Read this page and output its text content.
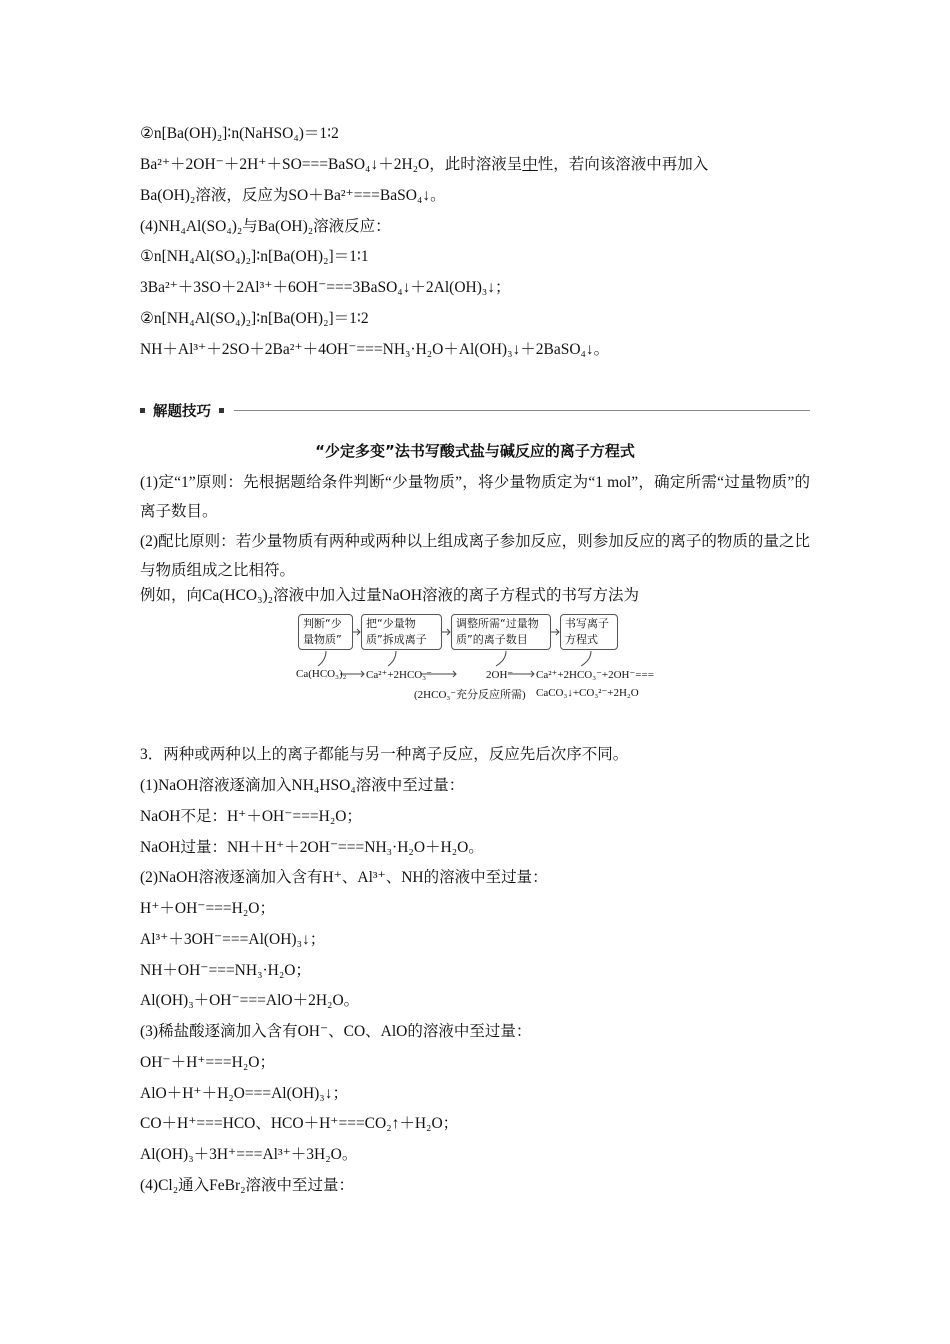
②n[Ba(OH)₂]∶n(NaHSO₄)＝1∶2
Ba²⁺＋2OH⁻＋2H⁺＋SO===BaSO₄↓＋2H₂O，此时溶液呈中性，若向该溶液中再加入
Ba(OH)₂溶液，反应为SO＋Ba²⁺===BaSO₄↓。
(4)NH₄Al(SO₄)₂与Ba(OH)₂溶液反应：
①n[NH₄Al(SO₄)₂]∶n[Ba(OH)₂]＝1∶1
3Ba²⁺＋3SO＋2Al³⁺＋6OH⁻===3BaSO₄↓＋2Al(OH)₃↓；
②n[NH₄Al(SO₄)₂]∶n[Ba(OH)₂]＝1∶2
NH＋Al³⁺＋2SO＋2Ba²⁺＋4OH⁻===NH₃·H₂O＋Al(OH)₃↓＋2BaSO₄↓。
解题技巧
“少定多变”法书写酸式盐与碱反应的离子方程式
(1)定“1”原则：先根据题给条件判断“少量物质”，将少量物质定为“1 mol”，确定所需“过量物质”的离子数目。
(2)配比原则：若少量物质有两种或两种以上组成离子参加反应，则参加反应的离子的物质的量之比与物质组成之比相符。
例如，向Ca(HCO₃)₂溶液中加入过量NaOH溶液的离子方程式的书写方法为
判断“少量物质”
把“少量物质”拆成离子
调整所需“过量物质”的离子数目
书写离子方程式
Ca(HCO₃)₂ Ca²⁺+2HCO₃⁻	2OH⁻ Ca²⁺+2HCO₃⁻+2OH⁻===
(2HCO₃⁻充分反应所需) CaCO₃↓+CO₃²⁻+2H₂O
3．两种或两种以上的离子都能与另一种离子反应，反应先后次序不同。
(1)NaOH溶液逐滴加入NH₄HSO₄溶液中至过量：
NaOH不足：H⁺＋OH⁻===H₂O；
NaOH过量：NH＋H⁺＋2OH⁻===NH₃·H₂O＋H₂O。
(2)NaOH溶液逐滴加入含有H⁺、Al³⁺、NH的溶液中至过量：
H⁺＋OH⁻===H₂O；
Al³⁺＋3OH⁻===Al(OH)₃↓；
NH＋OH⁻===NH₃·H₂O；
Al(OH)₃＋OH⁻===AlO＋2H₂O。
(3)稀盐酸逐滴加入含有OH⁻、CO、AlO的溶液中至过量：
OH⁻＋H⁺===H₂O；
AlO＋H⁺＋H₂O===Al(OH)₃↓；
CO＋H⁺===HCO、HCO＋H⁺===CO₂↑＋H₂O；
Al(OH)₃＋3H⁺===Al³⁺＋3H₂O。
(4)Cl₂通入FeBr₂溶液中至过量：
